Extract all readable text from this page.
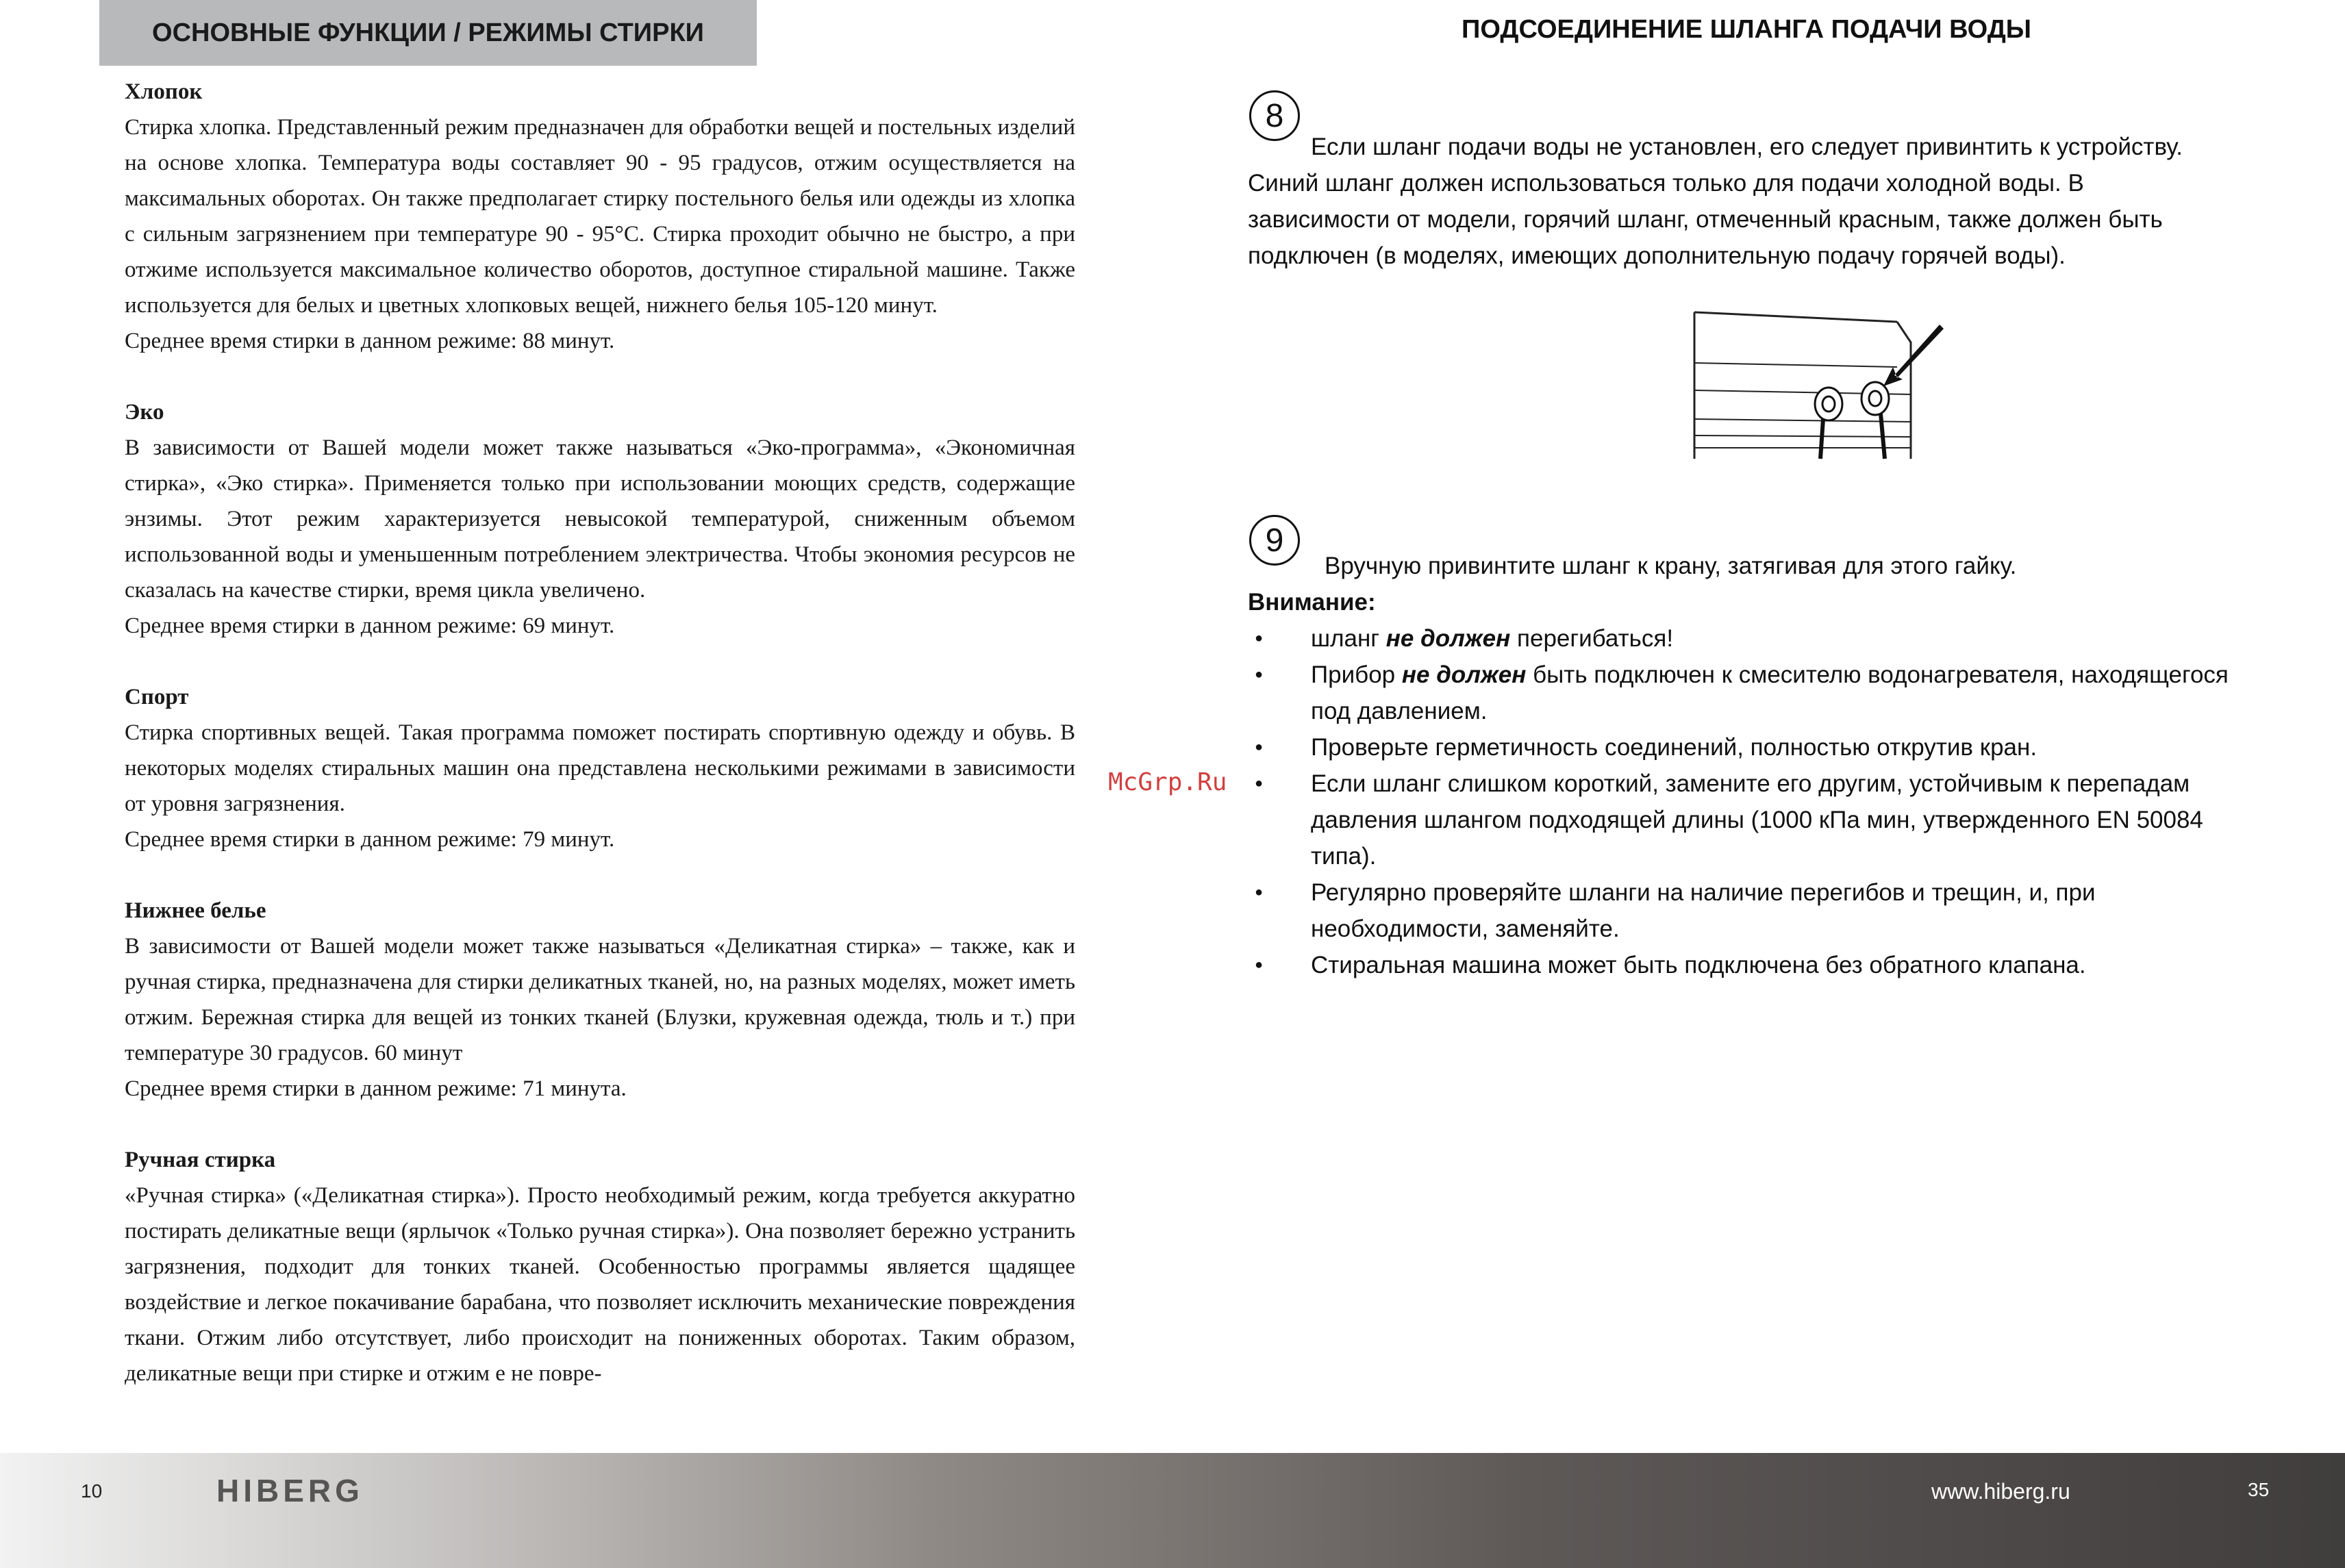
ОСНОВНЫЕ ФУНКЦИИ / РЕЖИМЫ СТИРКИ	ПОДСОЕДИНЕНИЕ ШЛАНГА ПОДАЧИ ВОДЫ
Хлопок

Стирка хлопка. Представленный режим предназначен для обработки вещей и постельных изделий на основе хлопка. Температура воды составляет 90 - 95 градусов, отжим осуществляется на максимальных оборотах. Он также предполагает стирку постельного белья или одежды из хлопка с сильным загрязнением при температуре 90 - 95°С. Стирка проходит обычно не быстро, а при отжиме используется максимальное количество оборотов, доступное стиральной машине. Также используется для белых и цветных хлопковых вещей, нижнего белья 105-120 минут.

Среднее время стирки в данном режиме: 88 минут.

Эко

В зависимости от Вашей модели может также называться «Эко-программа», «Экономичная стирка», «Эко стирка». Применяется только при использовании моющих средств, содержащие энзимы. Этот режим характеризуется невысокой температурой, сниженным объемом использованной воды и уменьшенным потреблением электричества. Чтобы экономия ресурсов не сказалась на качестве стирки, время цикла увеличено.

Среднее время стирки в данном режиме: 69 минут.

Спорт

Стирка спортивных вещей. Такая программа поможет постирать спортивную одежду и обувь. В некоторых моделях стиральных машин она представлена несколькими режимами в зависимости от уровня загрязнения.

Среднее время стирки в данном режиме: 79 минут.

Нижнее белье

В зависимости от Вашей модели может также называться «Деликатная стирка» – также, как и ручная стирка, предназначена для стирки деликатных тканей, но, на разных моделях, может иметь отжим. Бережная стирка для вещей из тонких тканей (Блузки, кружевная одежда, тюль и т.) при температуре 30 градусов. 60 минут

Среднее время стирки в данном режиме: 71 минута.

Ручная стирка

«Ручная стирка» («Деликатная стирка»). Просто необходимый режим, когда требуется аккуратно постирать деликатные вещи (ярлычок «Только ручная стирка»). Она позволяет бережно устранить загрязнения, подходит для тонких тканей. Особенностью программы является щадящее воздействие и легкое покачивание барабана, что позволяет исключить механические повреждения ткани. Отжим либо отсутствует, либо происходит на пониженных оборотах. Таким образом, деликатные вещи при стирке и отжим е не повре-

8
9

Если шланг подачи воды не установлен, его следует привинтить к устройству.

Синий шланг должен использоваться только для подачи холодной воды. В

зависимости от модели, горячий шланг, отмеченный красным, также должен быть

подключен (в моделях, имеющих дополнительную подачу горячей воды).

Вручную привинтите шланг к крану, затягивая для этого гайку.

Внимание:

● шланг не должен перегибаться!
● Прибор не должен быть подключен к смесителю водонагревателя, находящегося под давлением.
● Проверьте герметичность соединений, полностью открутив кран.
● Если шланг слишком короткий, замените его другим, устойчивым к перепадам давления шлангом подходящей длины (1000 кПа мин, утвержденного EN 50084 типа).
● Регулярно проверяйте шланги на наличие перегибов и трещин, и, при необходимости, заменяйте.
● Стиральная машина может быть подключена без обратного клапана.
McGrp.Ru
10	HIBERG	www.hiberg.ru	35
